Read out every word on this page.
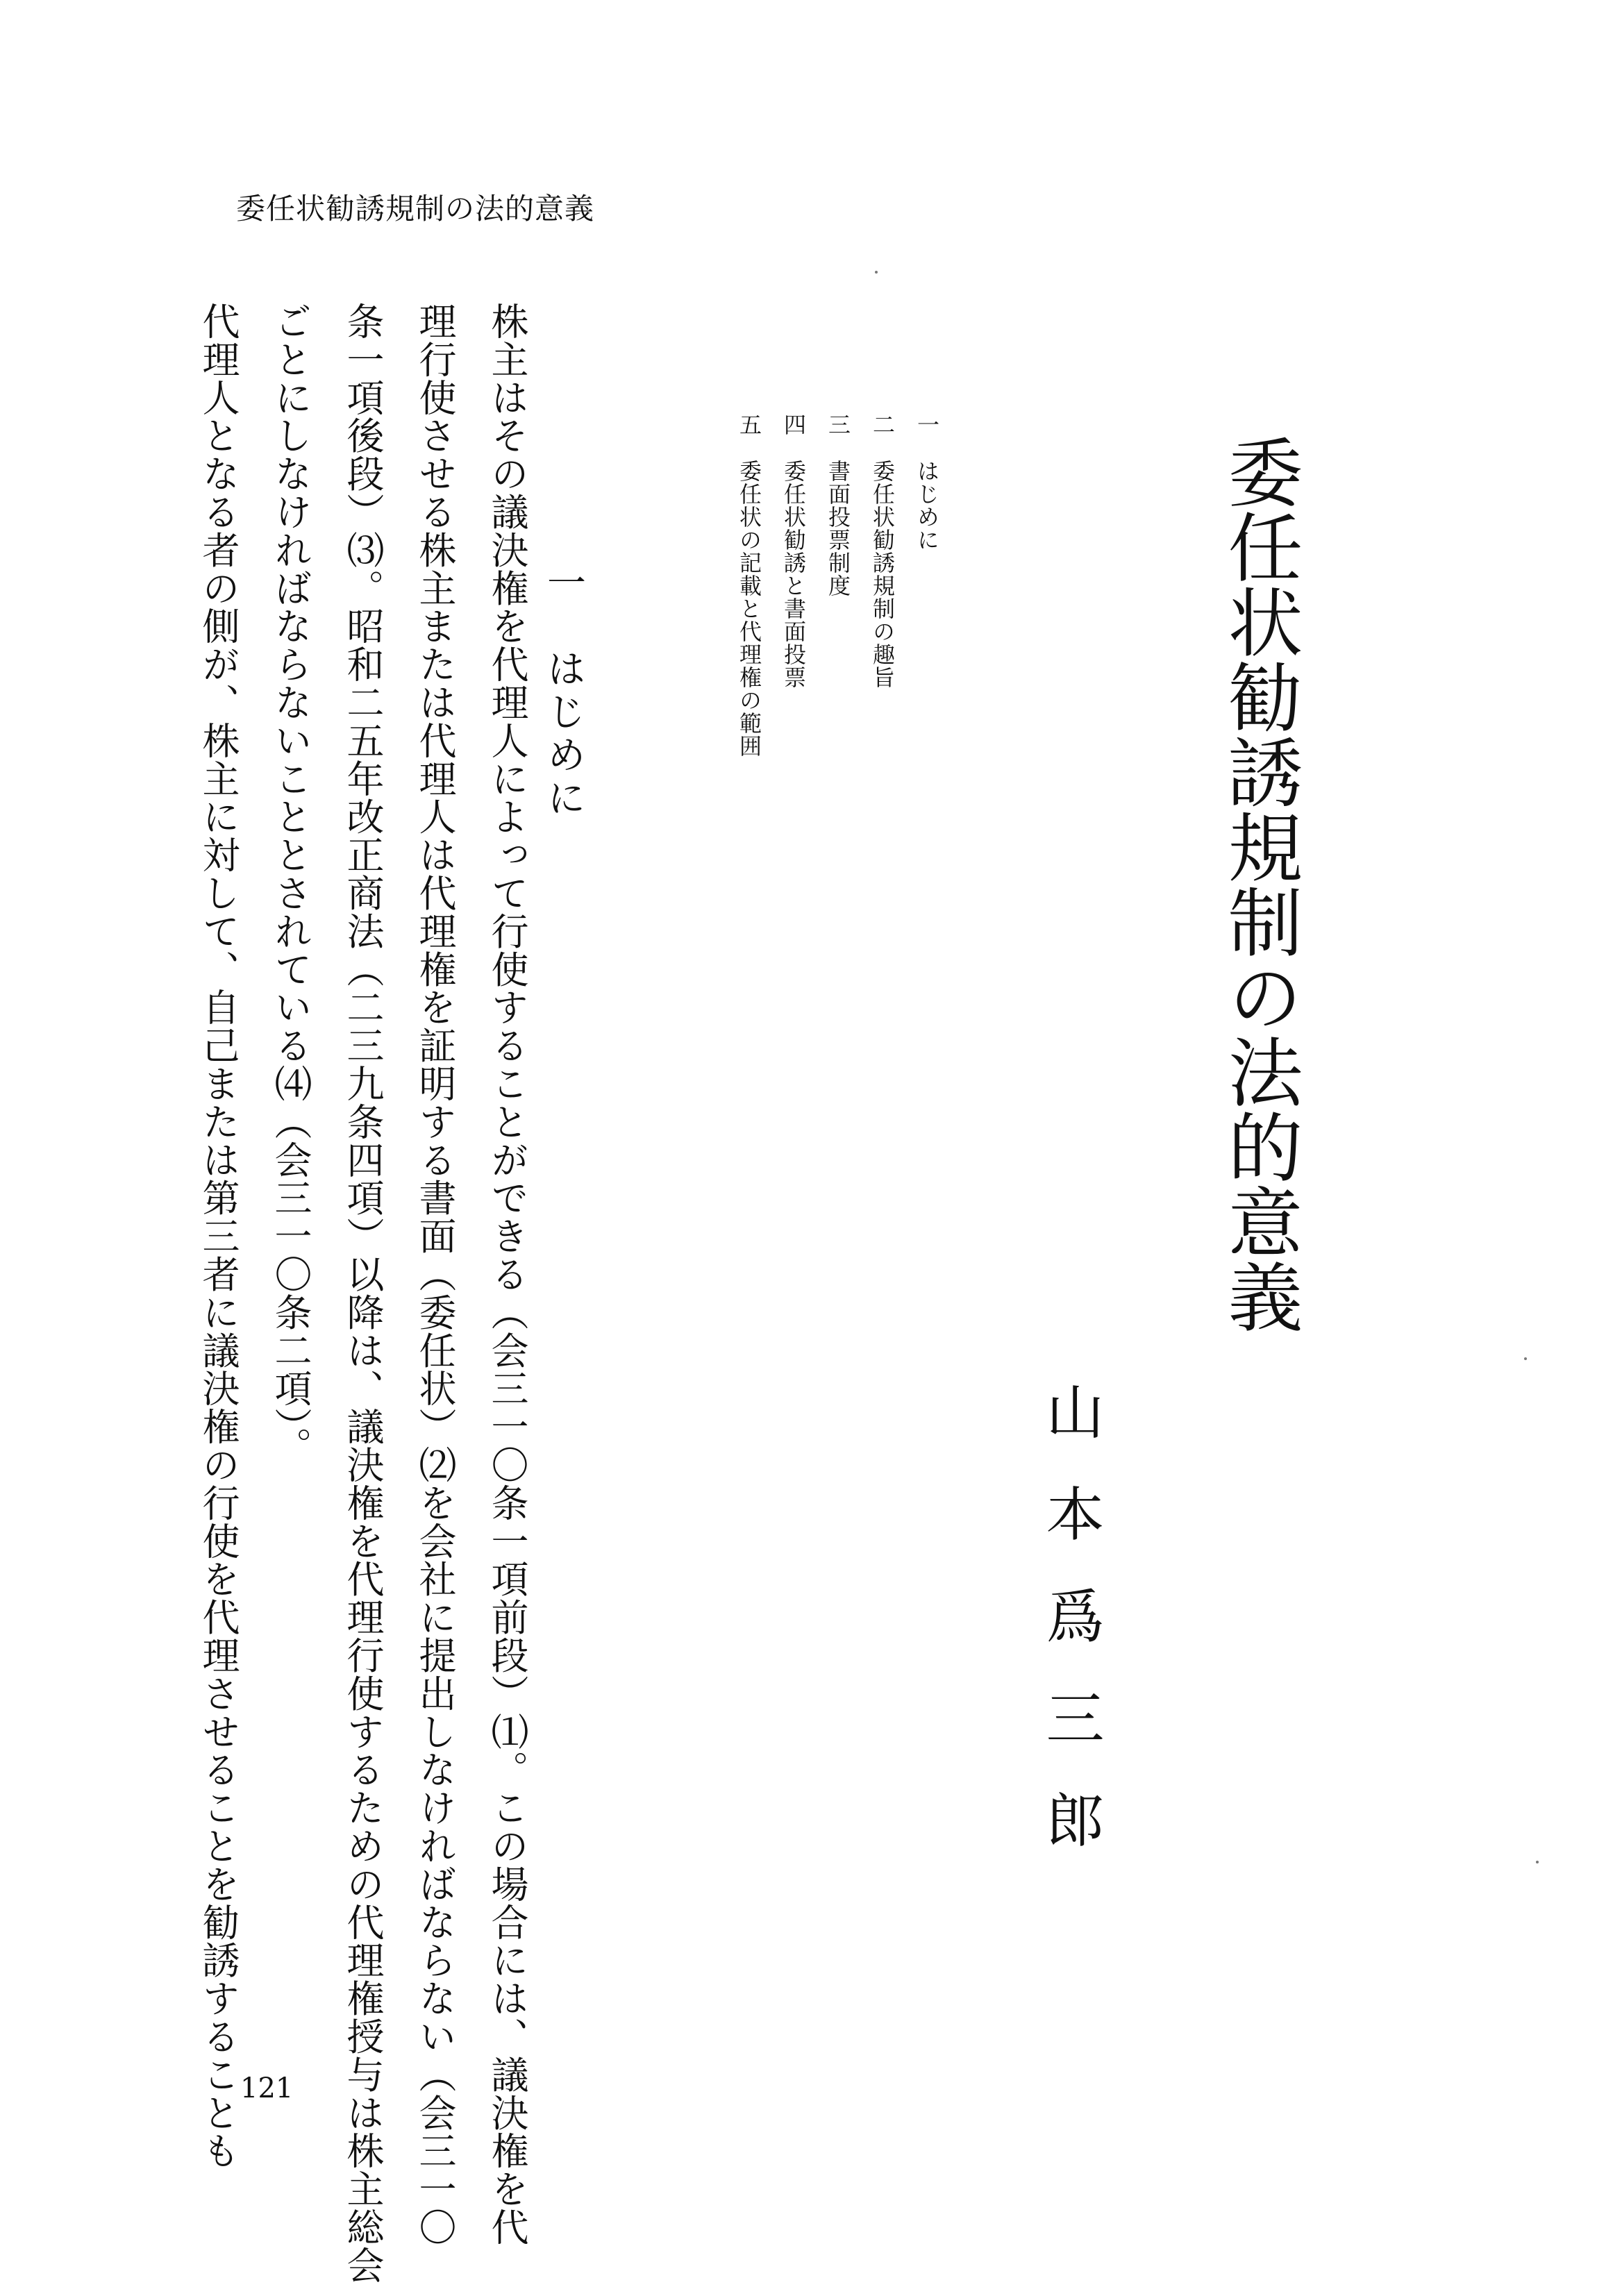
委任状勧誘規制の法的意義
委任状勧誘規制の法的意義
山本爲三郎
一
はじめに
二
委任状勧誘規制の趣旨
三
書面投票制度
四
委任状勧誘と書面投票
五
委任状の記載と代理権の範囲
一　はじめに
株主はその議決権を代理人によって行使することができる（会三一〇条一項前段）⑴。この場合には、議決権を代
理行使させる株主または代理人は代理権を証明する書面（委任状）⑵を会社に提出しなければならない（会三一〇
条一項後段）⑶。昭和二五年改正商法（二三九条四項）以降は、議決権を代理行使するための代理権授与は株主総会
ごとにしなければならないこととされている⑷（会三一〇条二項）。
代理人となる者の側が、株主に対して、自己または第三者に議決権の行使を代理させることを勧誘することも 121
